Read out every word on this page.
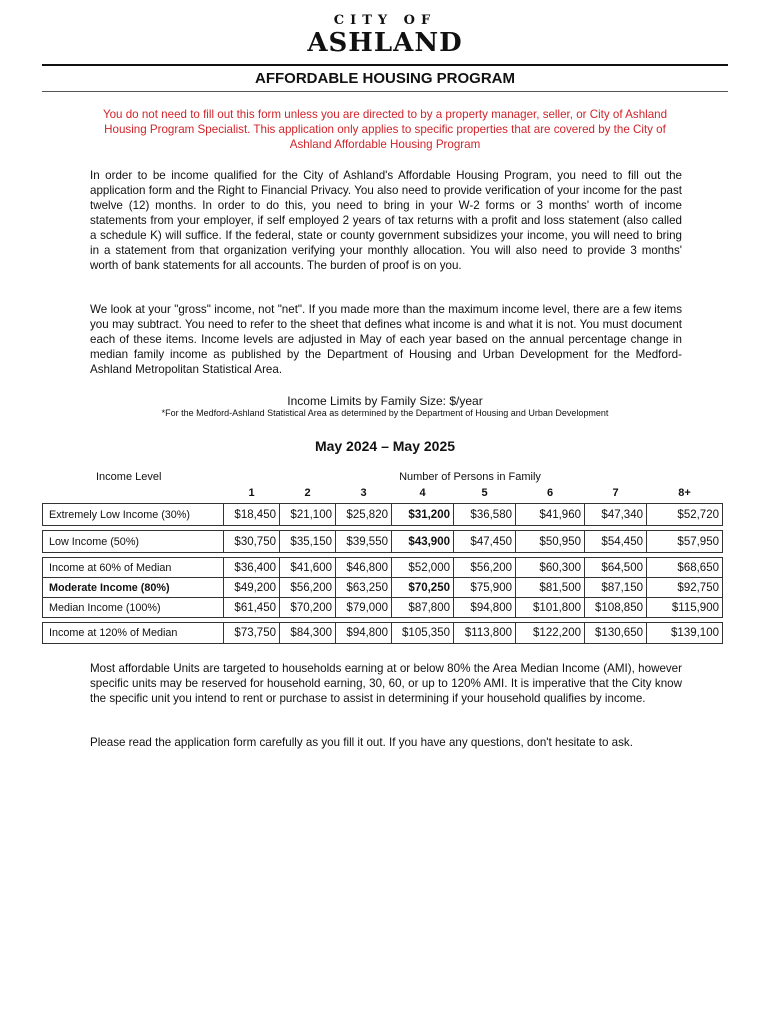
CITY OF
ASHLAND
AFFORDABLE HOUSING PROGRAM
You do not need to fill out this form unless you are directed to by a property manager, seller, or City of Ashland Housing Program Specialist. This application only applies to specific properties that are covered by the City of Ashland Affordable Housing Program
In order to be income qualified for the City of Ashland's Affordable Housing Program, you need to fill out the application form and the Right to Financial Privacy. You also need to provide verification of your income for the past twelve (12) months. In order to do this, you need to bring in your W-2 forms or 3 months' worth of income statements from your employer, if self employed 2 years of tax returns with a profit and loss statement (also called a schedule K) will suffice. If the federal, state or county government subsidizes your income, you will need to bring in a statement from that organization verifying your monthly allocation. You will also need to provide 3 months' worth of bank statements for all accounts. The burden of proof is on you.
We look at your "gross" income, not "net". If you made more than the maximum income level, there are a few items you may subtract. You need to refer to the sheet that defines what income is and what it is not. You must document each of these items. Income levels are adjusted in May of each year based on the annual percentage change in median family income as published by the Department of Housing and Urban Development for the Medford-Ashland Metropolitan Statistical Area.
Income Limits by Family Size: $/year
*For the Medford-Ashland Statistical Area as determined by the Department of Housing and Urban Development
May 2024 – May 2025
Income Level	Number of Persons in Family
	1	2	3	4	5	6	7	8+
Extremely Low Income (30%)	$18,450	$21,100	$25,820	$31,200	$36,580	$41,960	$47,340	$52,720

Low Income (50%)	$30,750	$35,150	$39,550	$43,900	$47,450	$50,950	$54,450	$57,950

Income at 60% of Median	$36,400	$41,600	$46,800	$52,000	$56,200	$60,300	$64,500	$68,650
Moderate Income (80%)	$49,200	$56,200	$63,250	$70,250	$75,900	$81,500	$87,150	$92,750
Median Income (100%)	$61,450	$70,200	$79,000	$87,800	$94,800	$101,800	$108,850	$115,900

Income at 120% of Median	$73,750	$84,300	$94,800	$105,350	$113,800	$122,200	$130,650	$139,100
Most affordable Units are targeted to households earning at or below 80% the Area Median Income (AMI), however specific units may be reserved for household earning, 30, 60, or up to 120% AMI. It is imperative that the City know the specific unit you intend to rent or purchase to assist in determining if your household qualifies by income.
Please read the application form carefully as you fill it out. If you have any questions, don't hesitate to ask.
